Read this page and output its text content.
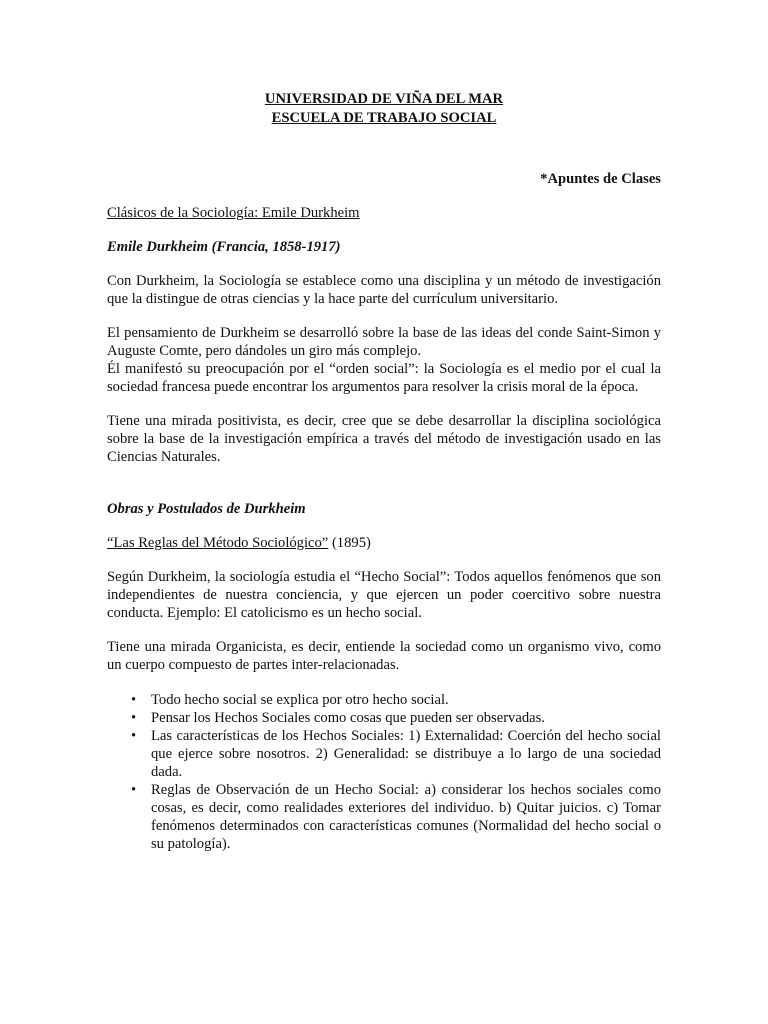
UNIVERSIDAD DE VIÑA DEL MAR
ESCUELA DE TRABAJO SOCIAL
*Apuntes de Clases

Clásicos de la Sociología: Emile Durkheim

Emile Durkheim (Francia, 1858-1917)

Con Durkheim, la Sociología se establece como una disciplina y un método de investigación que la distingue de otras ciencias y la hace parte del currículum universitario.

El pensamiento de Durkheim se desarrolló sobre la base de las ideas del conde Saint-Simon y Auguste Comte, pero dándoles un giro más complejo.

Él manifestó su preocupación por el “orden social”: la Sociología es el medio por el cual la sociedad francesa puede encontrar los argumentos para resolver la crisis moral de la época.

Tiene una mirada positivista, es decir, cree que se debe desarrollar la disciplina sociológica sobre la base de la investigación empírica a través del método de investigación usado en las Ciencias Naturales.

Obras y Postulados de Durkheim

“Las Reglas del Método Sociológico” (1895)

Según Durkheim, la sociología estudia el “Hecho Social”: Todos aquellos fenómenos que son independientes de nuestra conciencia, y que ejercen un poder coercitivo sobre nuestra conducta. Ejemplo: El catolicismo es un hecho social.

Tiene una mirada Organicista, es decir, entiende la sociedad como un organismo vivo, como un cuerpo compuesto de partes inter-relacionadas.

• Todo hecho social se explica por otro hecho social.
• Pensar los Hechos Sociales como cosas que pueden ser observadas.
• Las características de los Hechos Sociales: 1) Externalidad: Coerción del hecho social que ejerce sobre nosotros. 2) Generalidad: se distribuye a lo largo de una sociedad dada.
• Reglas de Observación de un Hecho Social: a) considerar los hechos sociales como cosas, es decir, como realidades exteriores del individuo. b) Quitar juicios. c) Tomar fenómenos determinados con características comunes (Normalidad del hecho social o su patología).
